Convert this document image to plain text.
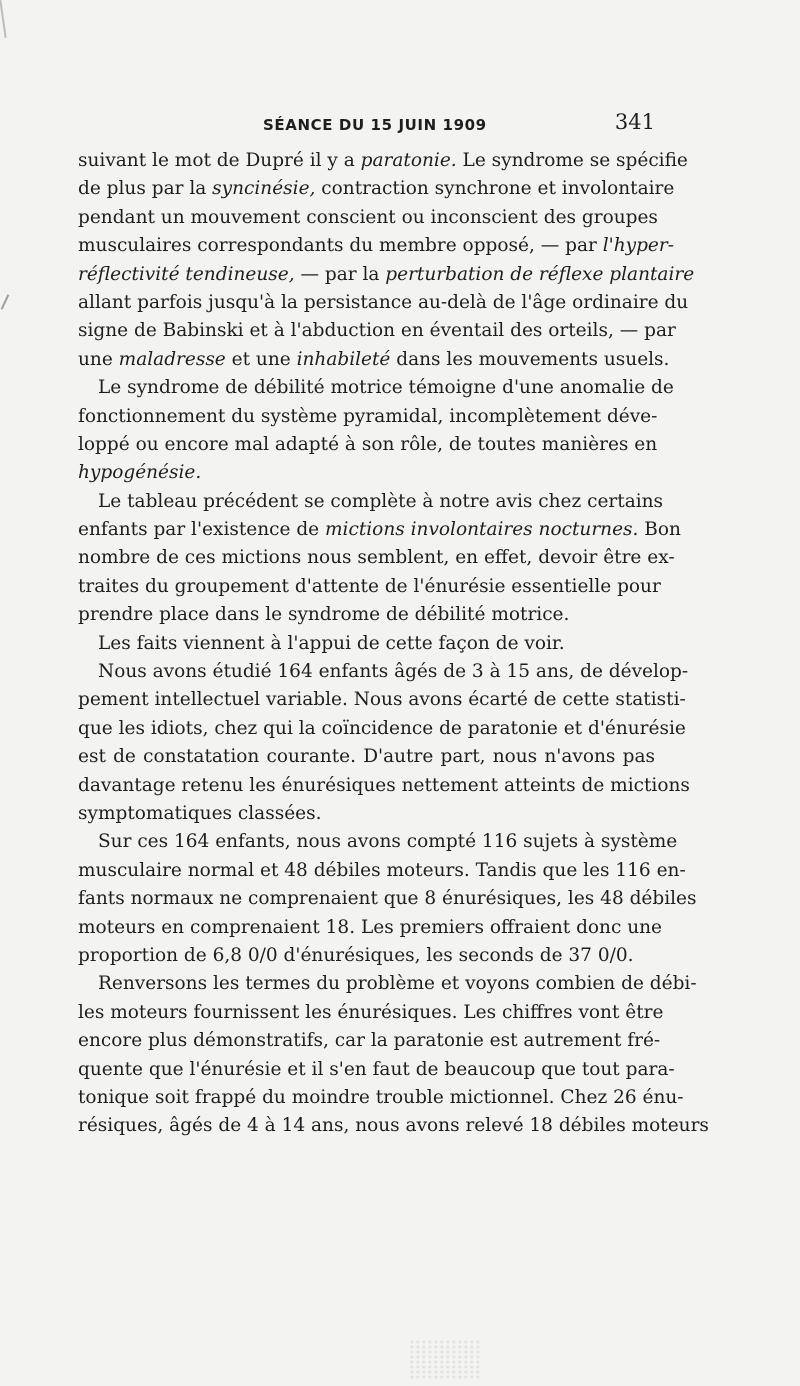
SÉANCE DU 15 JUIN 1909	341
suivant le mot de Dupré il y a paratonie. Le syndrome se spécifie
de plus par la syncinésie, contraction synchrone et involontaire
pendant un mouvement conscient ou inconscient des groupes
musculaires correspondants du membre opposé, — par l'hyper-
réflectivité tendineuse, — par la perturbation de réflexe plantaire
allant parfois jusqu'à la persistance au-delà de l'âge ordinaire du
signe de Babinski et à l'abduction en éventail des orteils, — par
une maladresse et une inhabileté dans les mouvements usuels.
Le syndrome de débilité motrice témoigne d'une anomalie de
fonctionnement du système pyramidal, incomplètement déve-
loppé ou encore mal adapté à son rôle, de toutes manières en
hypogénésie.
Le tableau précédent se complète à notre avis chez certains
enfants par l'existence de mictions involontaires nocturnes. Bon
nombre de ces mictions nous semblent, en effet, devoir être ex-
traites du groupement d'attente de l'énurésie essentielle pour
prendre place dans le syndrome de débilité motrice.
Les faits viennent à l'appui de cette façon de voir.
Nous avons étudié 164 enfants âgés de 3 à 15 ans, de dévelop-
pement intellectuel variable. Nous avons écarté de cette statisti-
que les idiots, chez qui la coïncidence de paratonie et d'énurésie
est de constatation courante. D'autre part, nous n'avons pas
davantage retenu les énurésiques nettement atteints de mictions
symptomatiques classées.
Sur ces 164 enfants, nous avons compté 116 sujets à système
musculaire normal et 48 débiles moteurs. Tandis que les 116 en-
fants normaux ne comprenaient que 8 énurésiques, les 48 débiles
moteurs en comprenaient 18. Les premiers offraient donc une
proportion de 6,8 0/0 d'énurésiques, les seconds de 37 0/0.
Renversons les termes du problème et voyons combien de débi-
les moteurs fournissent les énurésiques. Les chiffres vont être
encore plus démonstratifs, car la paratonie est autrement fré-
quente que l'énurésie et il s'en faut de beaucoup que tout para-
tonique soit frappé du moindre trouble mictionnel. Chez 26 énu-
résiques, âgés de 4 à 14 ans, nous avons relevé 18 débiles moteurs
